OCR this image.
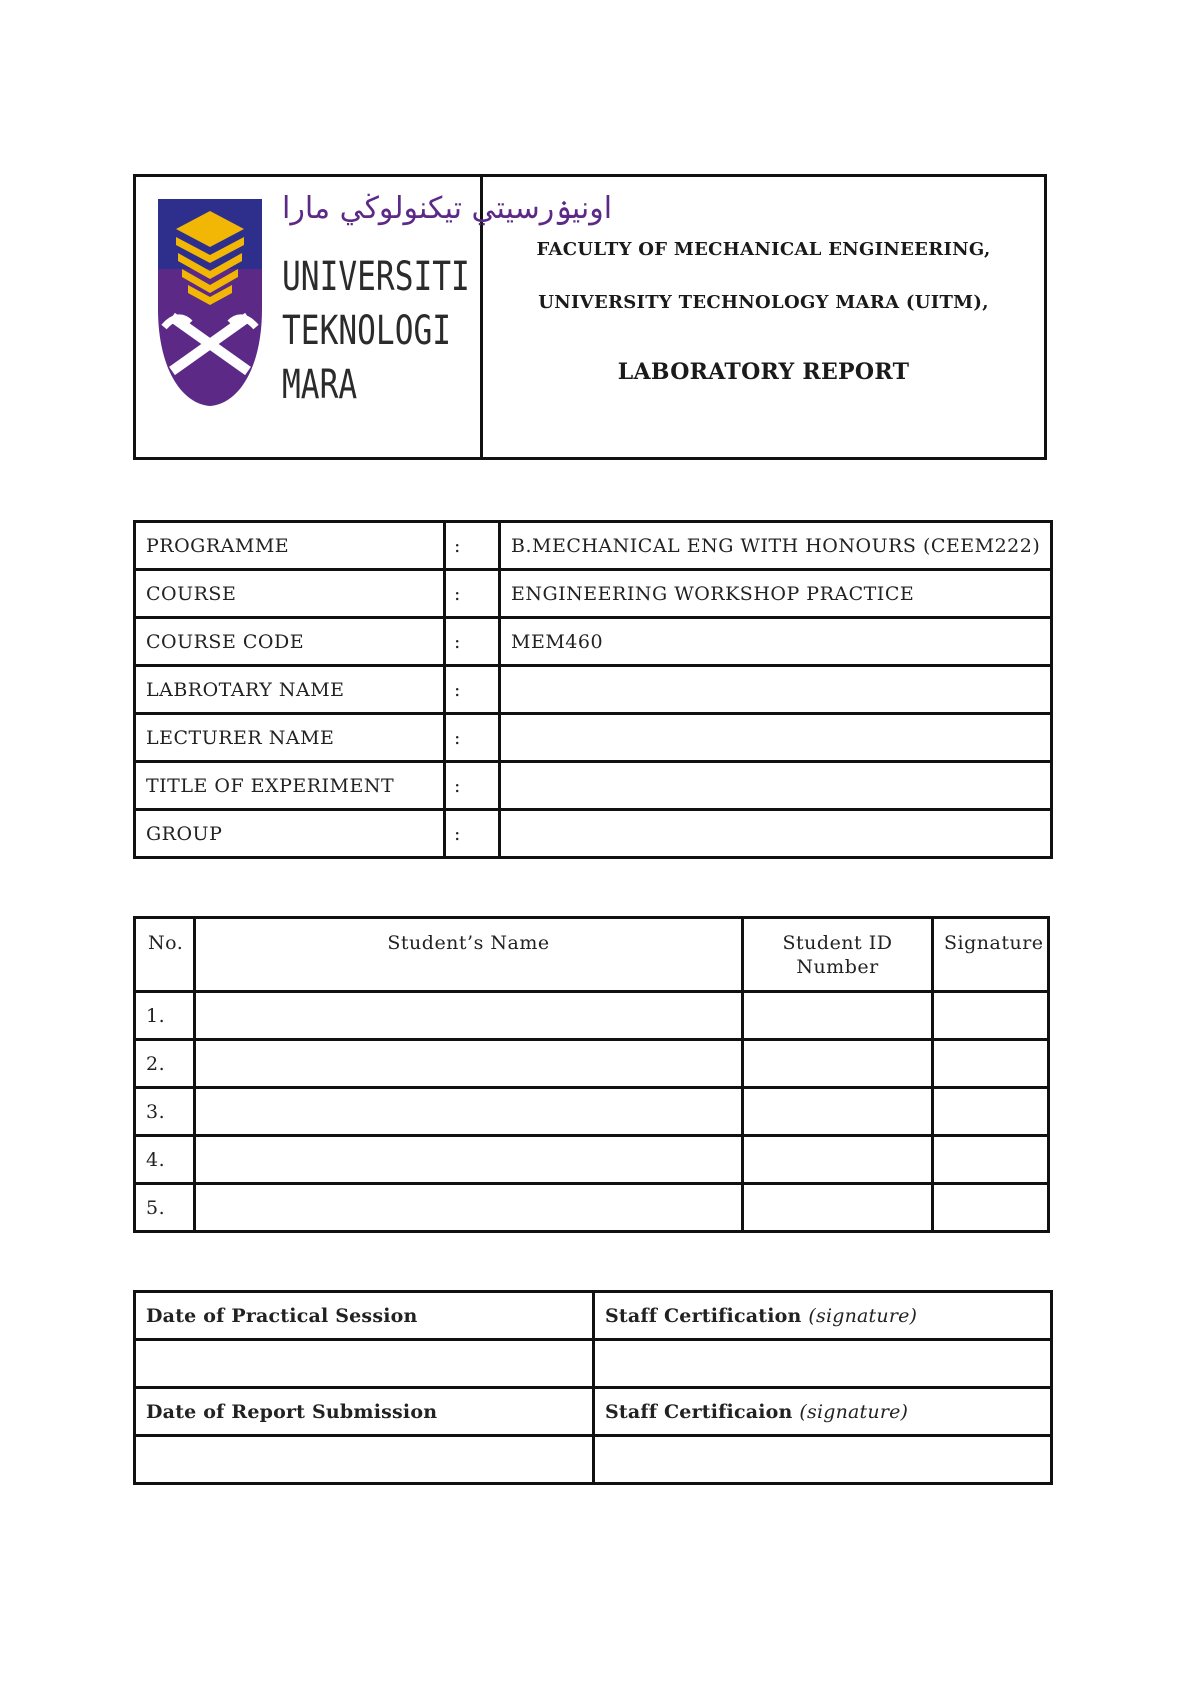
اونيۏرسيتي تيكنولوڬي مارا
UNIVERSITI
TEKNOLOGI
MARA

FACULTY OF MECHANICAL ENGINEERING,

UNIVERSITY TECHNOLOGY MARA (UITM),

LABORATORY REPORT

PROGRAMME	:	B.MECHANICAL ENG WITH HONOURS (CEEM222)
COURSE	:	ENGINEERING WORKSHOP PRACTICE
COURSE CODE	:	MEM460
LABROTARY NAME	:	
LECTURER NAME	:	
TITLE OF EXPERIMENT	:	
GROUP	:	
No.	Student’s Name	Student ID Number	Signature
1.			
2.			
3.			
4.			
5.			
Date of Practical Session	Staff Certification (signature)

Date of Report Submission	Staff Certificaion (signature)
